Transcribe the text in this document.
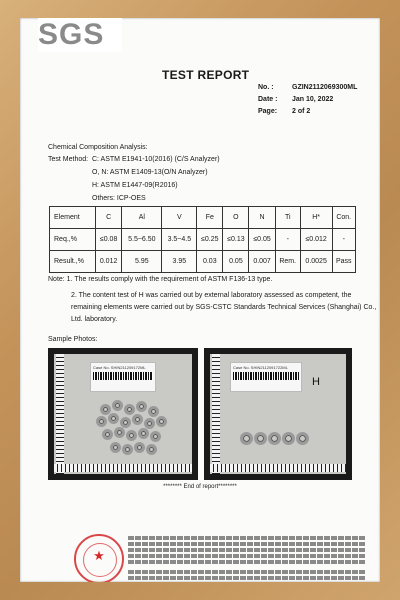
SGS
TEST REPORT
No. :	GZIN2112069300ML
Date :	Jan 10, 2022
Page:	2 of 2
Chemical Composition Analysis:
Test Method: C: ASTM E1941-10(2016) (C/S Analyzer)
O, N: ASTM E1409-13(O/N Analyzer)
H: ASTM E1447-09(R2016)
Others: ICP-OES
Element	C	Al	V	Fe	O	N	Ti	H*	Con.
Req.,%	≤0.08	5.5~6.50	3.5~4.5	≤0.25	≤0.13	≤0.05	-	≤0.012	-
Result.,%	0.012	5.95	3.95	0.03	0.05	0.007	Rem.	0.0025	Pass
Note: 1. The results comply with the requirement of ASTM F136-13 type.
2. The content test of H was carried out by external laboratory assessed as competent, the
remaining elements were carried out by SGS-CSTC Standards Technical Services (Shanghai) Co.,
Ltd. laboratory.
Sample Photos:
Case No. SHIN211209172ML	Case No. SHIN2112091722ML
H
******** End of report********
★
